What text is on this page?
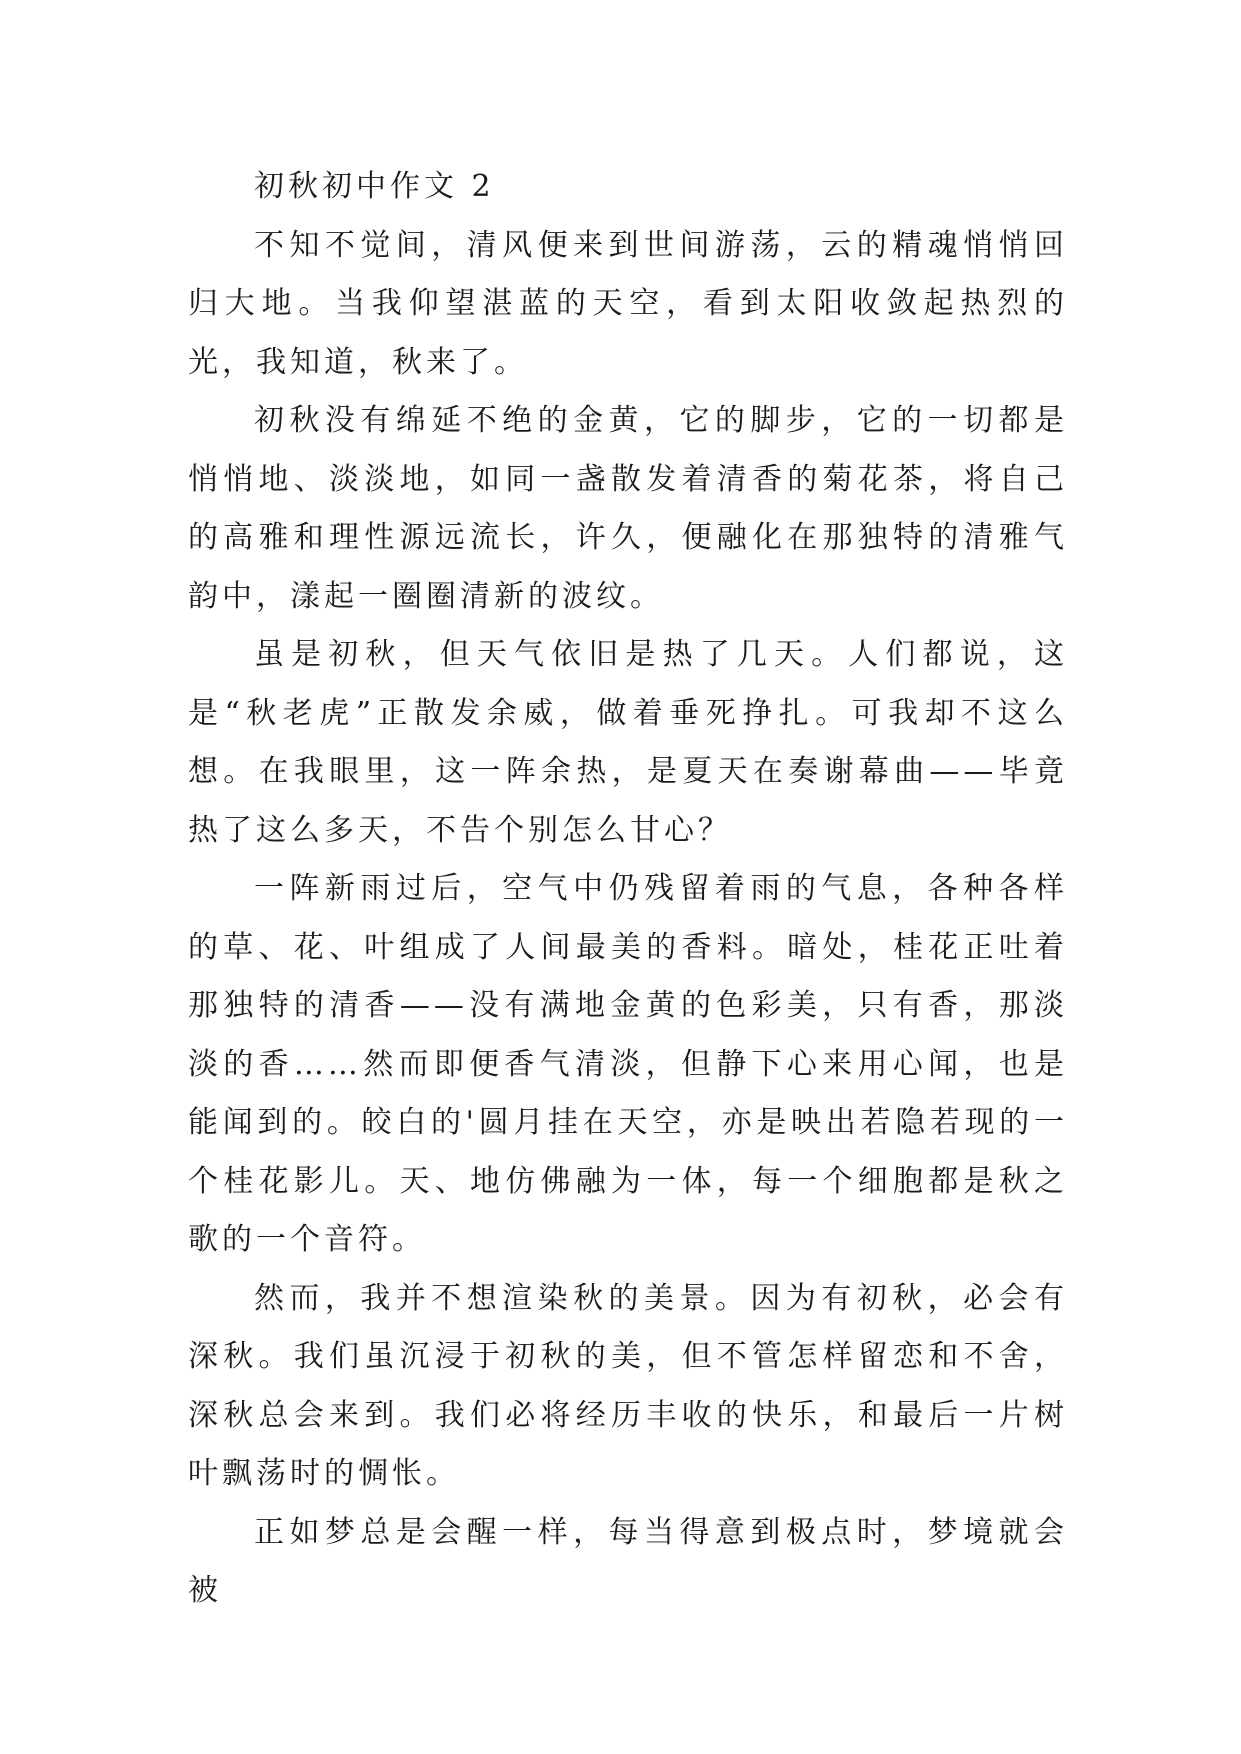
初秋初中作文 2

不知不觉间，清风便来到世间游荡，云的精魂悄悄回归大地。当我仰望湛蓝的天空，看到太阳收敛起热烈的光，我知道，秋来了。

初秋没有绵延不绝的金黄，它的脚步，它的一切都是悄悄地、淡淡地，如同一盏散发着清香的菊花茶，将自己的高雅和理性源远流长，许久，便融化在那独特的清雅气韵中，漾起一圈圈清新的波纹。

虽是初秋，但天气依旧是热了几天。人们都说，这是“秋老虎”正散发余威，做着垂死挣扎。可我却不这么想。在我眼里，这一阵余热，是夏天在奏谢幕曲——毕竟热了这么多天，不告个别怎么甘心？

一阵新雨过后，空气中仍残留着雨的气息，各种各样的草、花、叶组成了人间最美的香料。暗处，桂花正吐着那独特的清香——没有满地金黄的色彩美，只有香，那淡淡的香……然而即便香气清淡，但静下心来用心闻，也是能闻到的。皎白的'圆月挂在天空，亦是映出若隐若现的一个桂花影儿。天、地仿佛融为一体，每一个细胞都是秋之歌的一个音符。

然而，我并不想渲染秋的美景。因为有初秋，必会有深秋。我们虽沉浸于初秋的美，但不管怎样留恋和不舍，深秋总会来到。我们必将经历丰收的快乐，和最后一片树叶飘荡时的惆怅。

正如梦总是会醒一样，每当得意到极点时，梦境就会被
